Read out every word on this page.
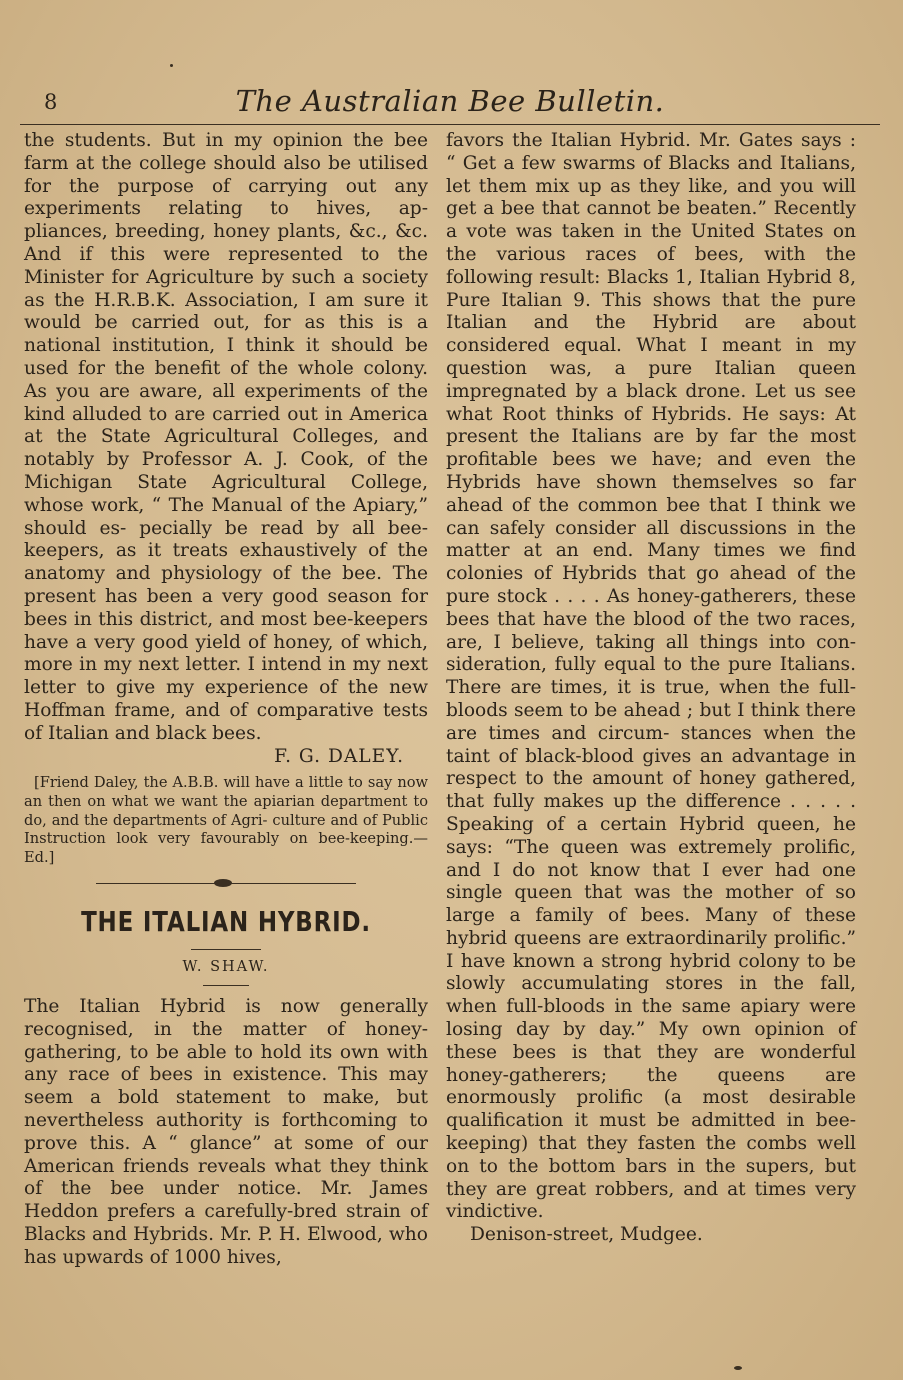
8	The Australian Bee Bulletin.

the students. But in my opinion the bee farm at the college should also be utilised for the purpose of carrying out any experiments relating to hives, ap- pliances, breeding, honey plants, &c., &c. And if this were represented to the Minister for Agriculture by such a society as the H.R.B.K. Association, I am sure it would be carried out, for as this is a national institution, I think it should be used for the benefit of the whole colony. As you are aware, all experiments of the kind alluded to are carried out in America at the State Agricultural Colleges, and notably by Professor A. J. Cook, of the Michigan State Agricultural College, whose work, “ The Manual of the Apiary,” should es- pecially be read by all bee-keepers, as it treats exhaustively of the anatomy and physiology of the bee. The present has been a very good season for bees in this district, and most bee-keepers have a very good yield of honey, of which, more in my next letter. I intend in my next letter to give my experience of the new Hoffman frame, and of comparative tests of Italian and black bees.

F. G. DALEY.

[Friend Daley, the A.B.B. will have a little to say now an then on what we want the apiarian department to do, and the departments of Agri- culture and of Public Instruction look very favourably on bee-keeping.—Ed.]

THE ITALIAN HYBRID.

W. SHAW.

The Italian Hybrid is now generally recognised, in the matter of honey- gathering, to be able to hold its own with any race of bees in existence. This may seem a bold statement to make, but nevertheless authority is forthcoming to prove this. A “ glance” at some of our American friends reveals what they think of the bee under notice. Mr. James Heddon prefers a carefully-bred strain of Blacks and Hybrids. Mr. P. H. Elwood, who has upwards of 1000 hives,

favors the Italian Hybrid. Mr. Gates says : “ Get a few swarms of Blacks and Italians, let them mix up as they like, and you will get a bee that cannot be beaten.” Recently a vote was taken in the United States on the various races of bees, with the following result: Blacks 1, Italian Hybrid 8, Pure Italian 9. This shows that the pure Italian and the Hybrid are about considered equal. What I meant in my question was, a pure Italian queen impregnated by a black drone. Let us see what Root thinks of Hybrids. He says: At present the Italians are by far the most profitable bees we have; and even the Hybrids have shown themselves so far ahead of the common bee that I think we can safely consider all discussions in the matter at an end. Many times we find colonies of Hybrids that go ahead of the pure stock . . . . As honey-gatherers, these bees that have the blood of the two races, are, I believe, taking all things into con- sideration, fully equal to the pure Italians. There are times, it is true, when the full-bloods seem to be ahead ; but I think there are times and circum- stances when the taint of black-blood gives an advantage in respect to the amount of honey gathered, that fully makes up the difference . . . . . Speaking of a certain Hybrid queen, he says: “The queen was extremely prolific, and I do not know that I ever had one single queen that was the mother of so large a family of bees. Many of these hybrid queens are extraordinarily prolific.” I have known a strong hybrid colony to be slowly accumulating stores in the fall, when full-bloods in the same apiary were losing day by day.” My own opinion of these bees is that they are wonderful honey-gatherers; the queens are enormously prolific (a most desirable qualification it must be admitted in bee- keeping) that they fasten the combs well on to the bottom bars in the supers, but they are great robbers, and at times very vindictive.

Denison-street, Mudgee.
